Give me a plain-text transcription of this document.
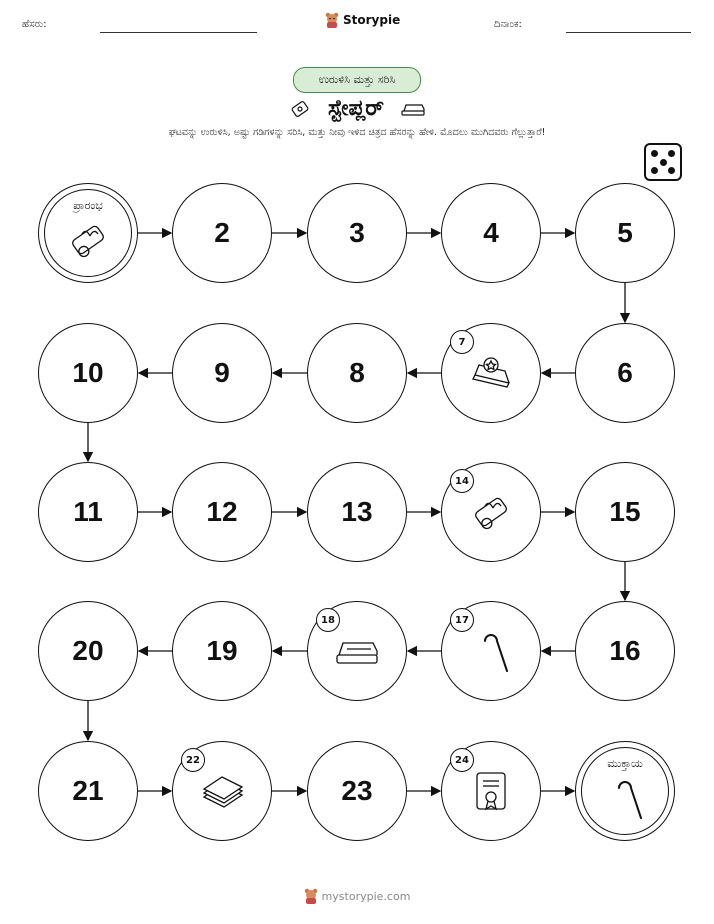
ಹೆಸರು:	Storypie	ದಿನಾಂಕ:
ಉರುಳಿಸಿ ಮತ್ತು ಸರಿಸಿ
ಸ್ಟೇಪ್ಲರ್
ಘಟವನ್ನು ಉರುಳಿಸಿ, ಅಷ್ಟು ಗಡಿಗಳನ್ನು ಸರಿಸಿ, ಮತ್ತು ನೀವು ಇಳಿದ ಚಿತ್ರದ ಹೆಸರನ್ನು ಹೇಳಿ. ಮೊದಲು ಮುಗಿದವರು ಗೆಲ್ಲುತ್ತಾರೆ!
ಪ್ರಾರಂಭ
2	3	4	5
6
7
8
9
10
11	12	13
14
15
16
17
18
19
20
21
22
23
24	ಮುಕ್ತಾಯ
mystorypie.com
